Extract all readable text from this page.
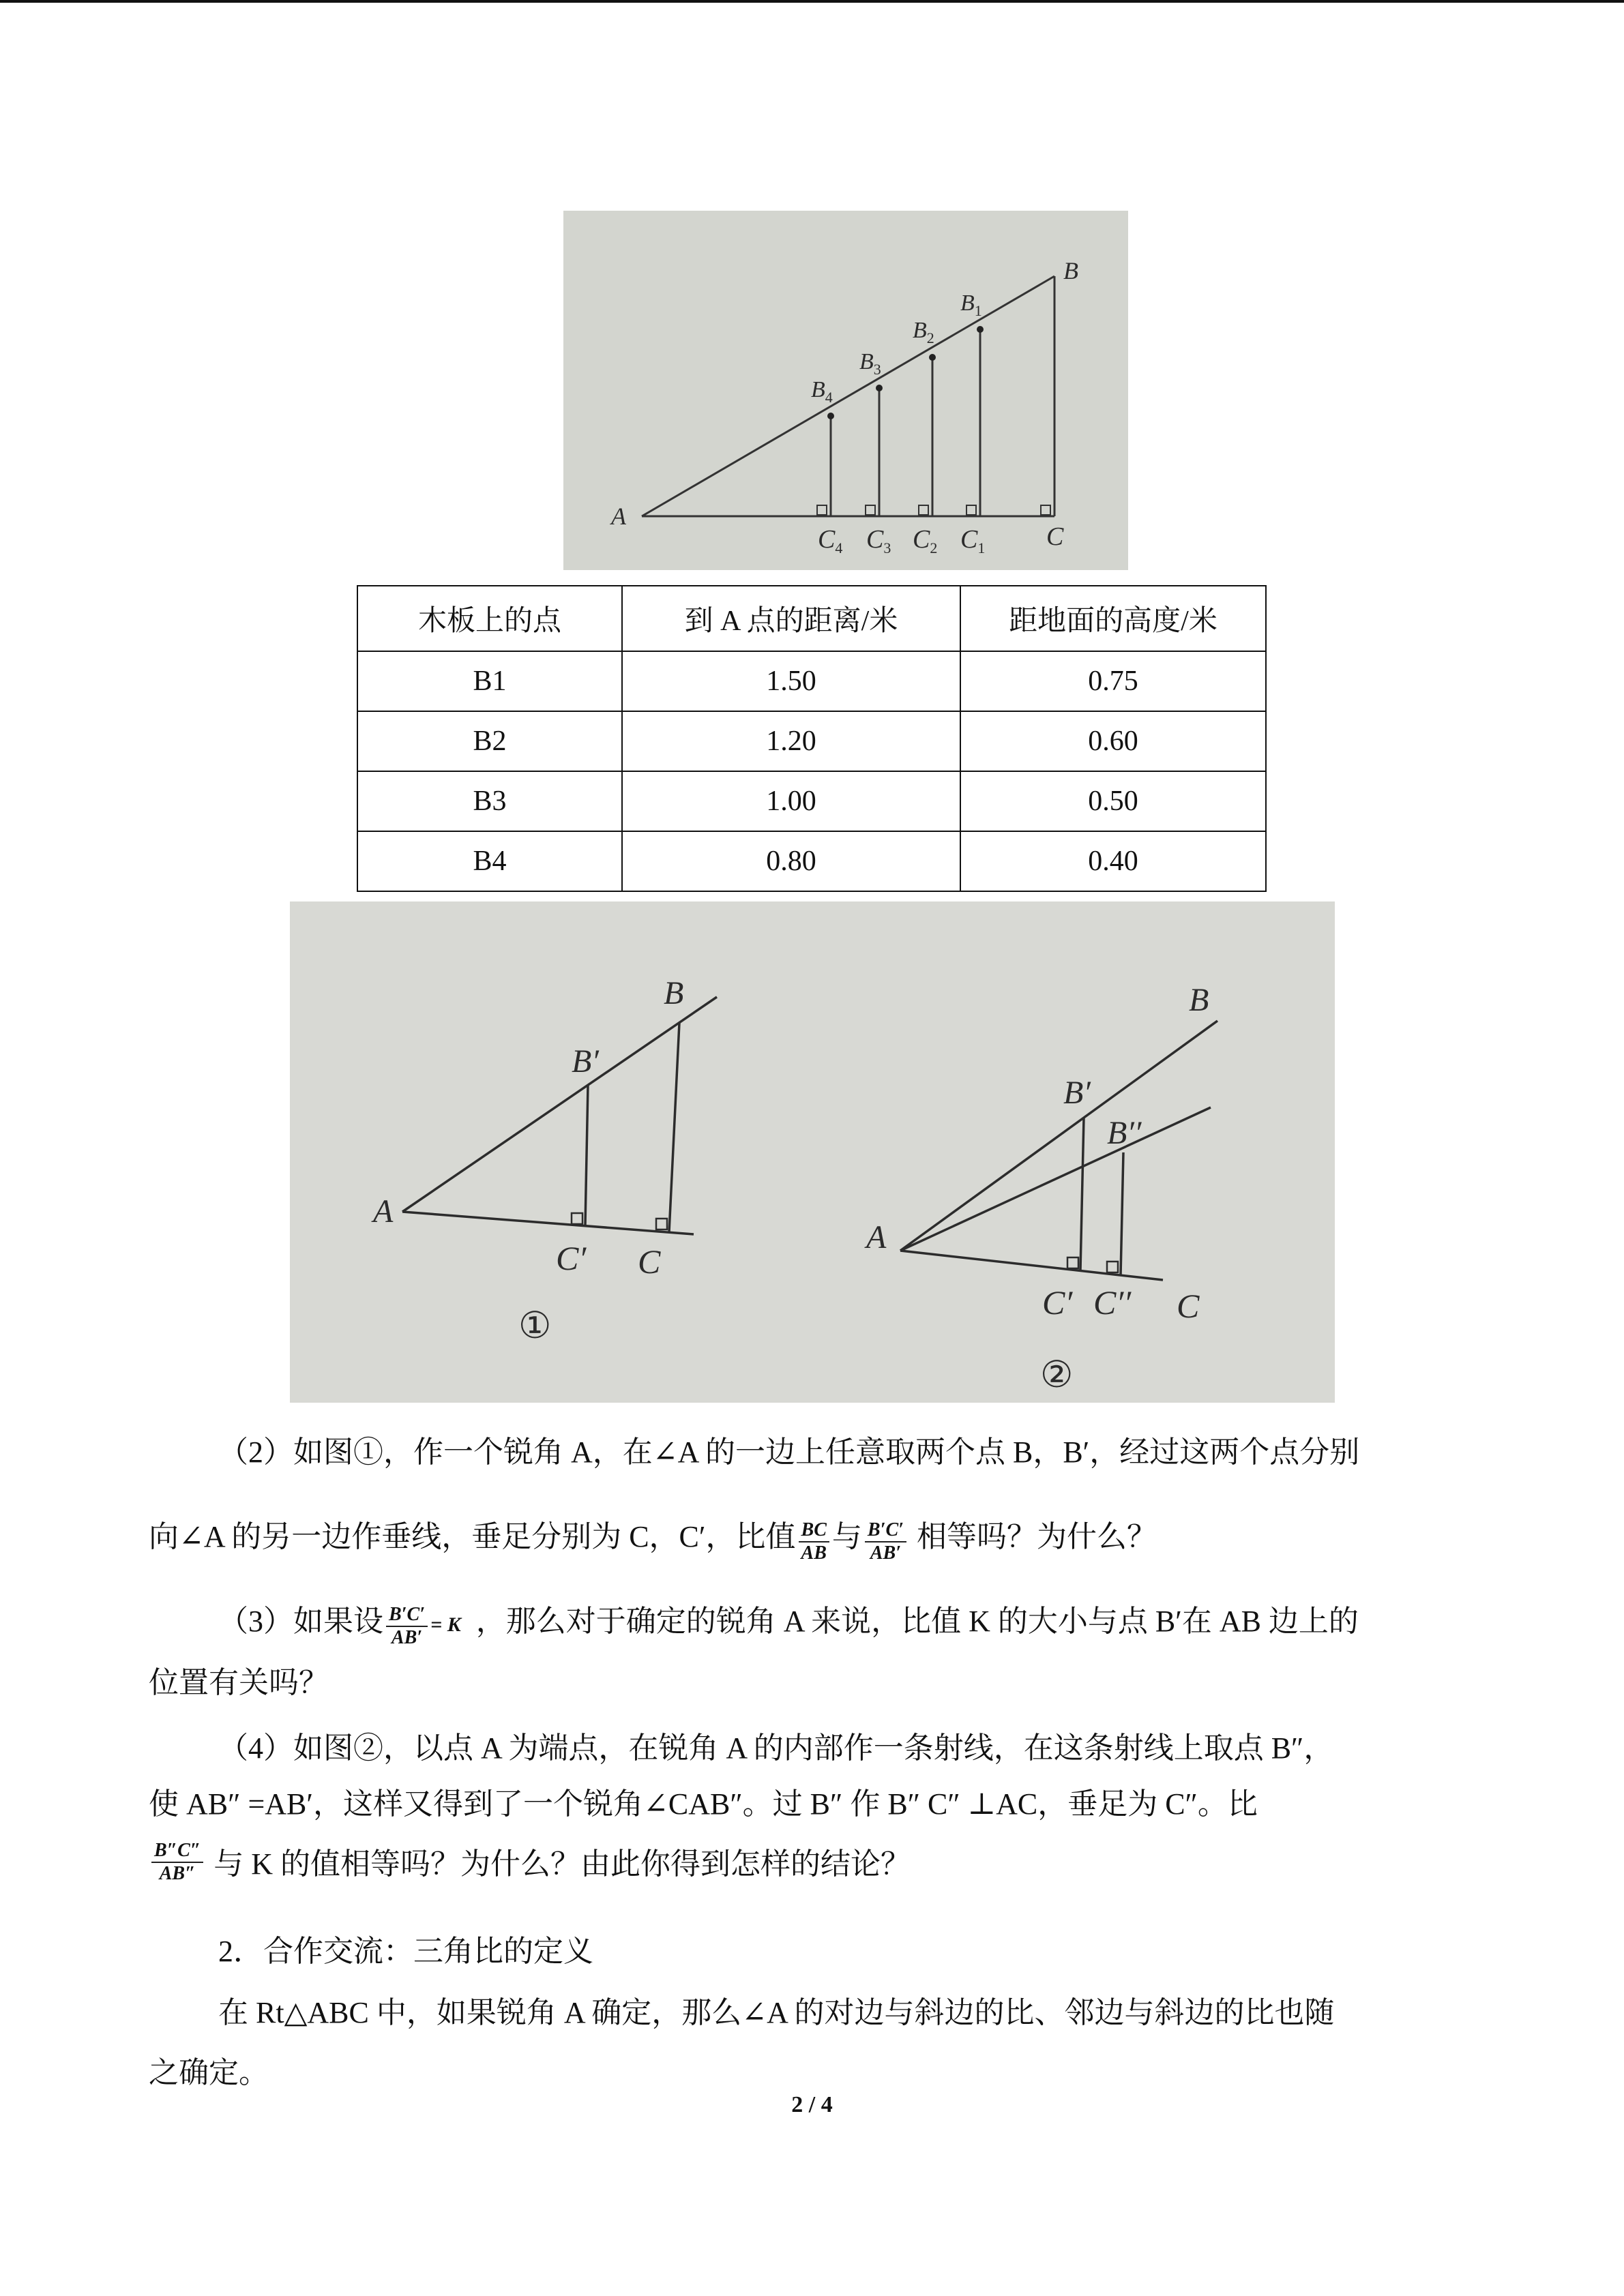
A
B
C
$B_1$
$B_2$
$B_3$
$B_4$
$C_1$
$C_2$
$C_3$
$C_4$
木板上的点	到 A 点的距离/米	距地面的高度/米
B1	1.50	0.75
B2	1.20	0.60
B3	1.00	0.50
B4	0.80	0.40
A
B
B′
C′ C
①
A
B
B′
B′′
C′ C′′ C
②
（2）如图①，作一个锐角 A，在∠A 的一边上任意取两个点 B，B′，经过这两个点分别
向∠A 的另一边作垂线，垂足分别为 C，C′，比值 $\frac{BC}{AB}$ 与 $\frac{B'C'}{AB'}$ 相等吗？为什么？
（3）如果设 $\frac{B'C'}{AB'} = K$ ，那么对于确定的锐角 A 来说，比值 K 的大小与点 B′在 AB 边上的
位置有关吗？
（4）如图②，以点 A 为端点，在锐角 A 的内部作一条射线，在这条射线上取点 B″，
使 AB″ =AB′，这样又得到了一个锐角∠CAB″。过 B″ 作 B″ C″ ⊥AC，垂足为 C″。比
$\frac{B''C''}{AB''}$ 与 K 的值相等吗？为什么？由此你得到怎样的结论？
2．合作交流：三角比的定义
在 Rt△ABC 中，如果锐角 A 确定，那么∠A 的对边与斜边的比、邻边与斜边的比也随
之确定。
2 / 4
